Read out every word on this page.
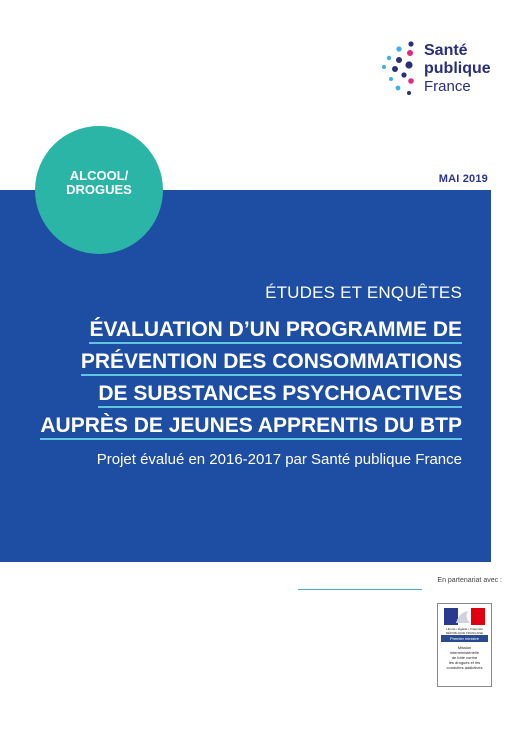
Santé
publique
France
MAI 2019
ALCOOL/
DROGUES
ÉTUDES ET ENQUÊTES
ÉVALUATION D’UN PROGRAMME DE
PRÉVENTION DES CONSOMMATIONS
DE SUBSTANCES PSYCHOACTIVES
AUPRÈS DE JEUNES APPRENTIS DU BTP
Projet évalué en 2016-2017 par Santé publique France
En partenariat avec :
Liberté • Égalité • Fraternité
RÉPUBLIQUE FRANÇAISE
Premier ministre
Mission
interministérielle
de lutte contre
les drogues et les
conduites addictives
